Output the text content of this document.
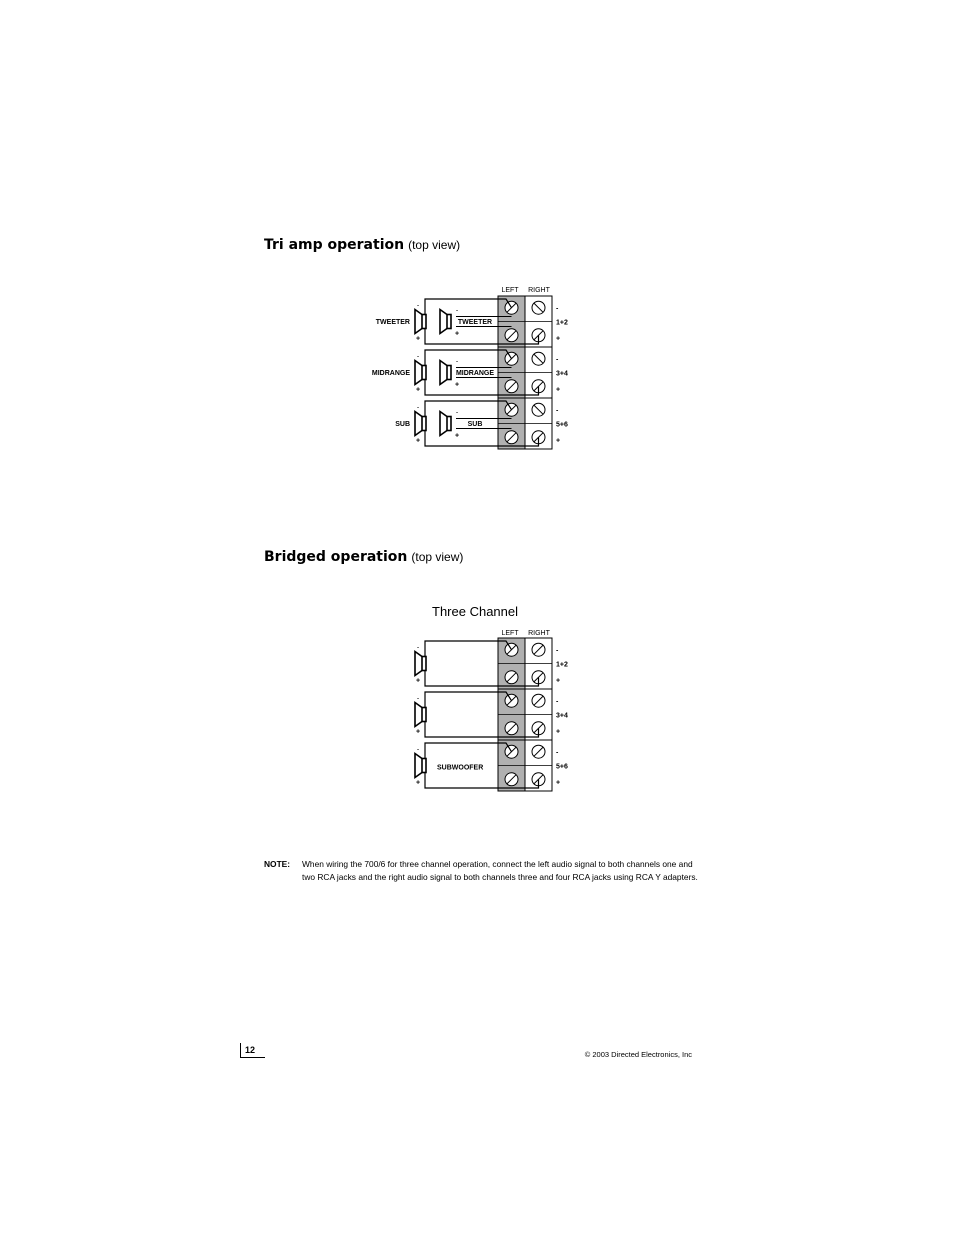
Tri amp operation (top view)
LEFT RIGHT
-
+
TWEETER
-
+
TWEETER
-
1+2
+
-
+
MIDRANGE
-
+
MIDRANGE
-
3+4
+
-
+
SUB
-
+
SUB
-
5+6
+
Bridged operation (top view)
Three Channel
LEFT RIGHT
-
+
-
1+2
+
-
+
-
3+4
+
-
+
SUBWOOFER
-
5+6
+
NOTE: When wiring the 700/6 for three channel operation, connect the left audio signal to both channels one and two RCA jacks and the right audio signal to both channels three and four RCA jacks using RCA Y adapters.
12	© 2003 Directed Electronics, Inc
